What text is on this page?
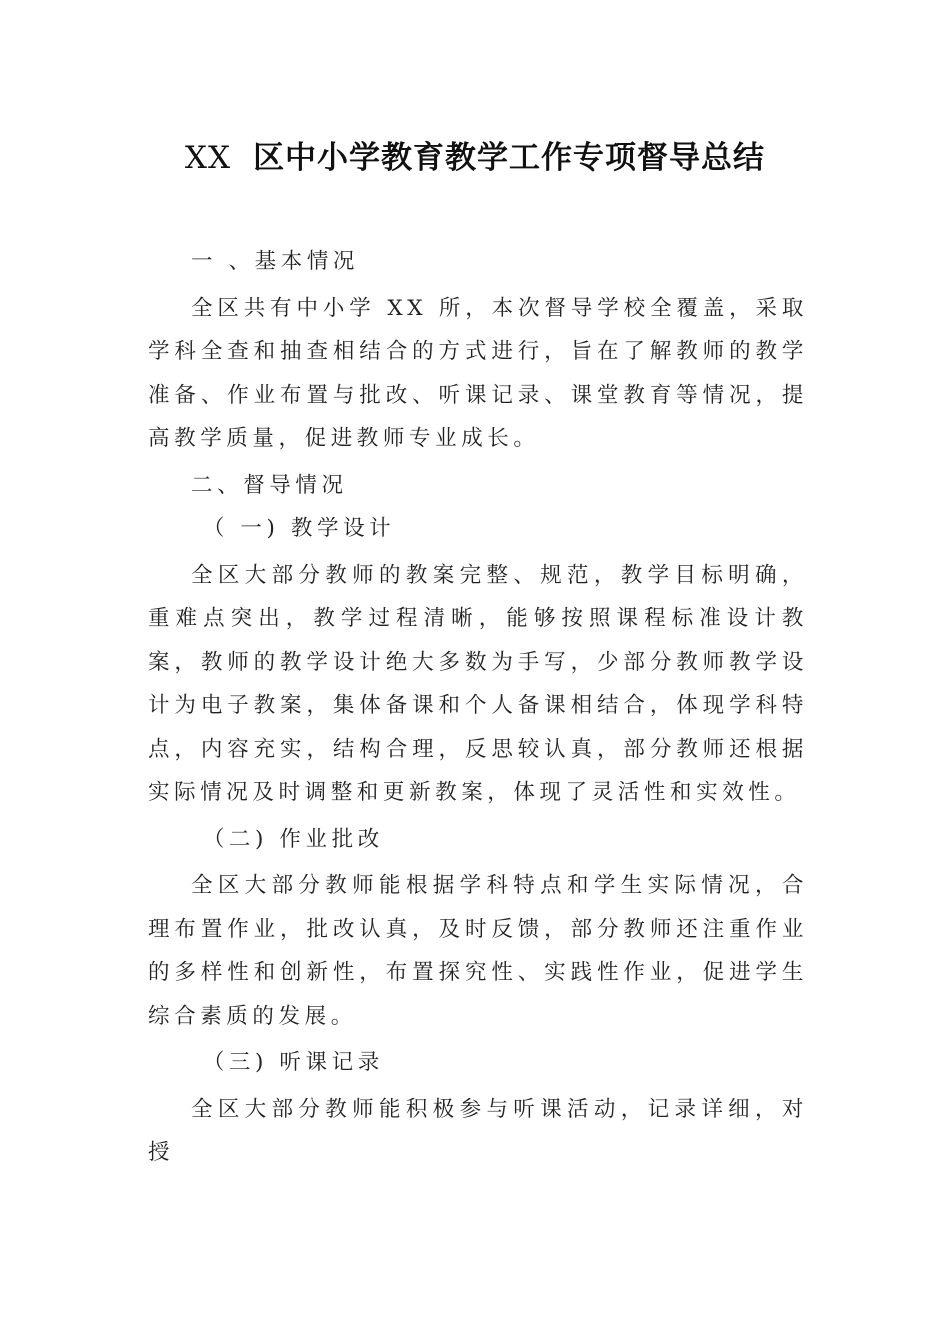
XX 区中小学教育教学工作专项督导总结

一 、基本情况

全区共有中小学 XX 所，本次督导学校全覆盖，采取学科全查和抽查相结合的方式进行，旨在了解教师的教学准备、作业布置与批改、听课记录、课堂教育等情况，提高教学质量，促进教师专业成长。

二、督导情况

（ 一) 教学设计

全区大部分教师的教案完整、规范，教学目标明确，重难点突出，教学过程清晰，能够按照课程标准设计教案，教师的教学设计绝大多数为手写，少部分教师教学设计为电子教案，集体备课和个人备课相结合，体现学科特点，内容充实，结构合理，反思较认真，部分教师还根据实际情况及时调整和更新教案，体现了灵活性和实效性。

（二) 作业批改

全区大部分教师能根据学科特点和学生实际情况，合理布置作业，批改认真，及时反馈，部分教师还注重作业的多样性和创新性，布置探究性、实践性作业，促进学生综合素质的发展。

（三) 听课记录

全区大部分教师能积极参与听课活动，记录详细，对授
